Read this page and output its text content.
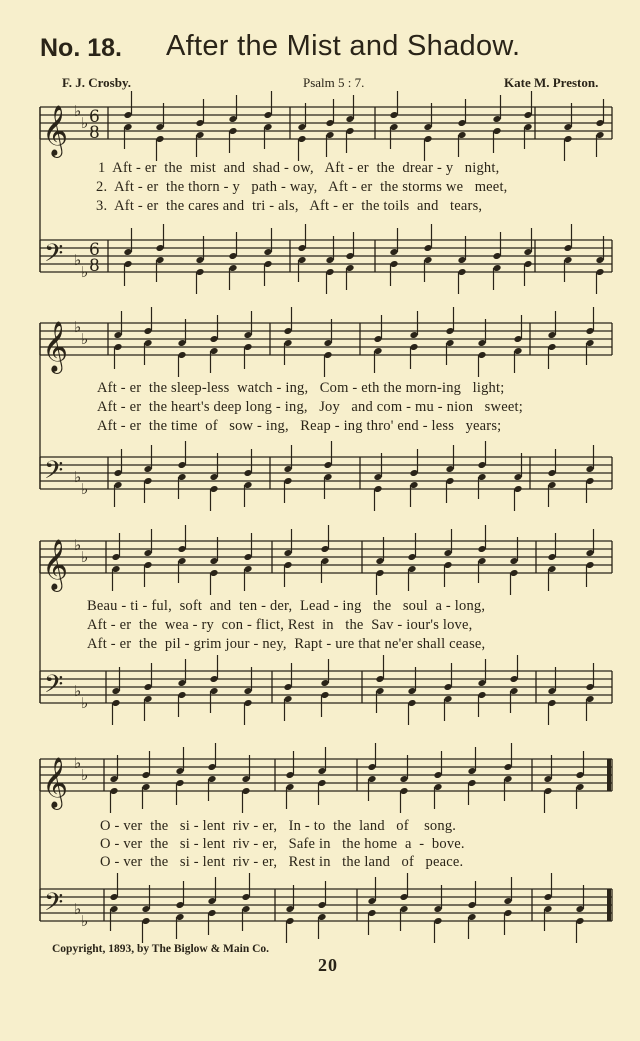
No. 18. After the Mist and Shadow.
F. J. Crosby.	Psalm 5 : 7.	Kate M. Preston.
𝄞 ♭
♭ 6
8
𝄢 ♭
♭
6
8
𝄞 ♭
♭
𝄢 ♭
♭
𝄞 ♭
♭
𝄢 ♭
♭
𝄞 ♭
♭
𝄢 ♭
♭
1  Aft - er  the  mist  and  shad - ow,   Aft - er  the  drear - y   night,
2.  Aft - er  the thorn - y   path - way,   Aft - er  the storms we   meet,
3.  Aft - er  the cares and  tri - als,   Aft - er  the toils  and   tears,
Aft - er  the sleep-less  watch - ing,   Com - eth the morn-ing   light;
Aft - er  the heart's deep long - ing,   Joy   and com - mu - nion   sweet;
Aft - er  the time  of   sow - ing,   Reap - ing thro' end - less   years;
Beau - ti - ful,  soft  and  ten - der,  Lead - ing   the   soul  a - long,
Aft - er  the  wea - ry  con - flict, Rest  in   the  Sav - iour's love,
Aft - er  the  pil - grim jour - ney,  Rapt - ure that ne'er shall cease,
O - ver  the   si - lent  riv - er,   In - to  the  land   of    song.
O - ver  the   si - lent  riv - er,   Safe in   the home  a  -  bove.
O - ver  the   si - lent  riv - er,   Rest in   the land   of   peace.
Copyright, 1893, by The Biglow & Main Co.
20
